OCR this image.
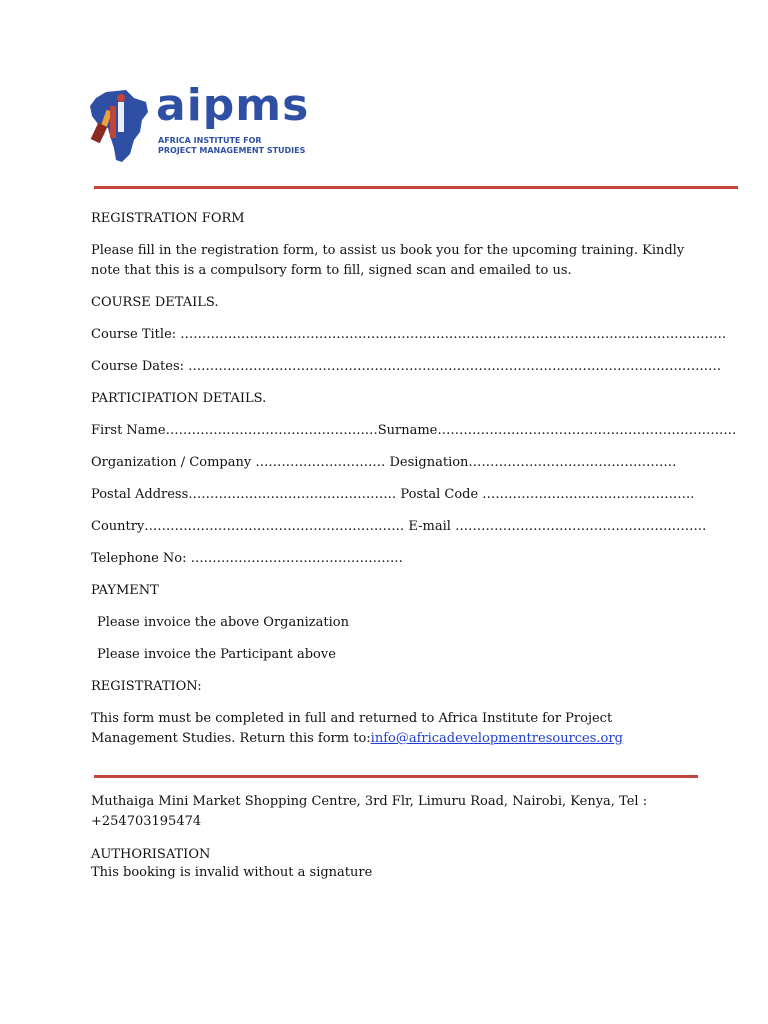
aipms
AFRICA INSTITUTE FOR
PROJECT MANAGEMENT STUDIES
REGISTRATION FORM
Please fill in the registration form, to assist us book you for the upcoming training. Kindly note that this is a compulsory form to fill, signed scan and emailed to us.
COURSE DETAILS.
Course Title: ………………………………………………………………………………………………………………
Course Dates: ……………………………………………………………………………………………………………
PARTICIPATION DETAILS.
First Name……………………………………….…Surname……………………………………………………………
Organization / Company ………………………… Designation…………………………………………
Postal Address………………………………………… Postal Code ………………………………………….
Country…………………………………………………… E-mail ………………………………………………….
Telephone No: ………………………………………….
PAYMENT
Please invoice the above Organization
Please invoice the Participant above
REGISTRATION:
This form must be completed in full and returned to Africa Institute for Project Management Studies. Return this form to:info@africadevelopmentresources.org
Muthaiga Mini Market Shopping Centre, 3rd Flr, Limuru Road, Nairobi, Kenya, Tel :
+254703195474
AUTHORISATION
This booking is invalid without a signature
